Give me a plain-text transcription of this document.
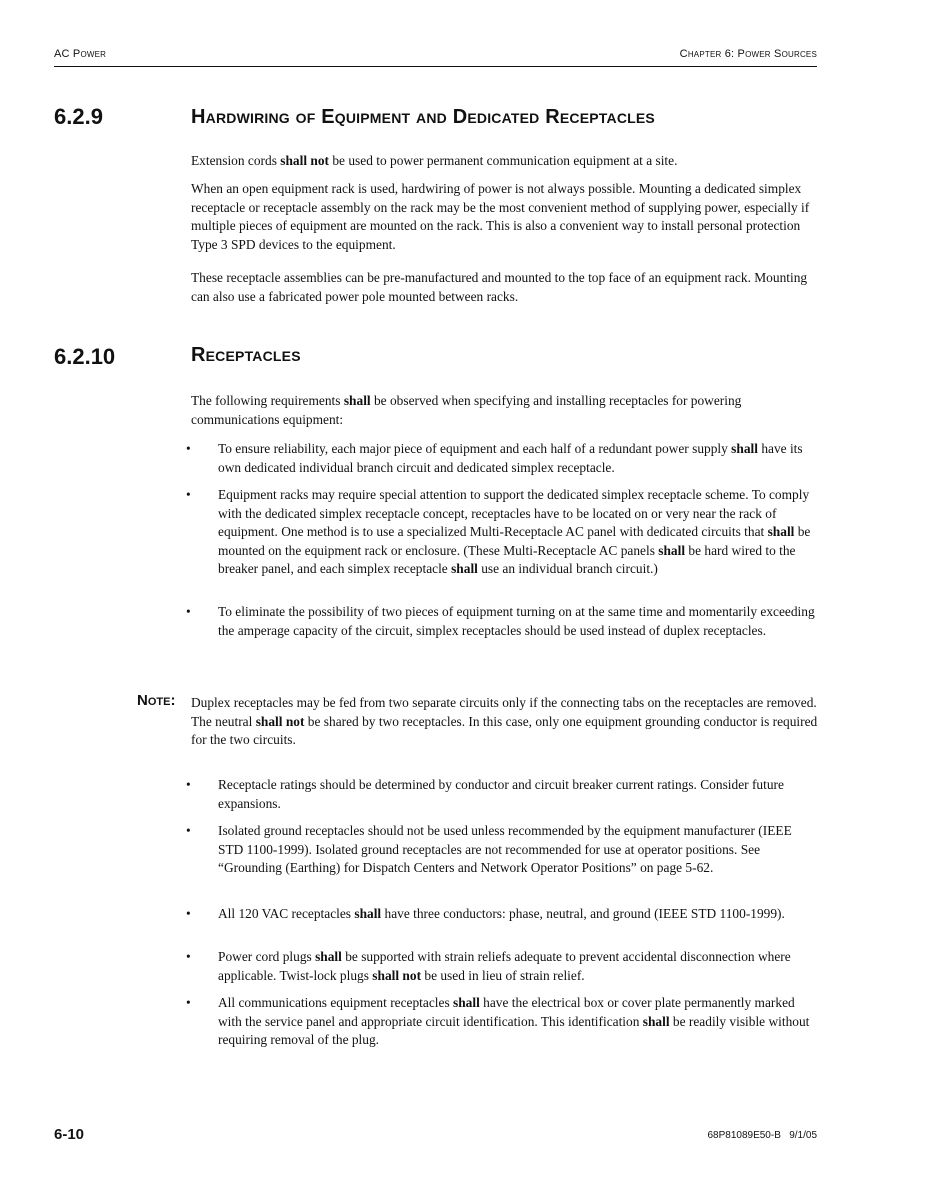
AC Power	Chapter 6: Power Sources
6.2.9	Hardwiring of Equipment and Dedicated Receptacles
Extension cords shall not be used to power permanent communication equipment at a site.
When an open equipment rack is used, hardwiring of power is not always possible. Mounting a dedicated simplex receptacle or receptacle assembly on the rack may be the most convenient method of supplying power, especially if multiple pieces of equipment are mounted on the rack. This is also a convenient way to install personal protection Type 3 SPD devices to the equipment.
These receptacle assemblies can be pre-manufactured and mounted to the top face of an equipment rack. Mounting can also use a fabricated power pole mounted between racks.
6.2.10	Receptacles
The following requirements shall be observed when specifying and installing receptacles for powering communications equipment:
• To ensure reliability, each major piece of equipment and each half of a redundant power supply shall have its own dedicated individual branch circuit and dedicated simplex receptacle.
• Equipment racks may require special attention to support the dedicated simplex receptacle scheme. To comply with the dedicated simplex receptacle concept, receptacles have to be located on or very near the rack of equipment. One method is to use a specialized Multi-Receptacle AC panel with dedicated circuits that shall be mounted on the equipment rack or enclosure. (These Multi-Receptacle AC panels shall be hard wired to the breaker panel, and each simplex receptacle shall use an individual branch circuit.)
• To eliminate the possibility of two pieces of equipment turning on at the same time and momentarily exceeding the amperage capacity of the circuit, simplex receptacles should be used instead of duplex receptacles.
Note: Duplex receptacles may be fed from two separate circuits only if the connecting tabs on the receptacles are removed. The neutral shall not be shared by two receptacles. In this case, only one equipment grounding conductor is required for the two circuits.
• Receptacle ratings should be determined by conductor and circuit breaker current ratings. Consider future expansions.
• Isolated ground receptacles should not be used unless recommended by the equipment manufacturer (IEEE STD 1100-1999). Isolated ground receptacles are not recommended for use at operator positions. See “Grounding (Earthing) for Dispatch Centers and Network Operator Positions” on page 5-62.
• All 120 VAC receptacles shall have three conductors: phase, neutral, and ground (IEEE STD 1100-1999).
• Power cord plugs shall be supported with strain reliefs adequate to prevent accidental disconnection where applicable. Twist-lock plugs shall not be used in lieu of strain relief.
• All communications equipment receptacles shall have the electrical box or cover plate permanently marked with the service panel and appropriate circuit identification. This identification shall be readily visible without requiring removal of the plug.
6-10	68P81089E50-B   9/1/05
